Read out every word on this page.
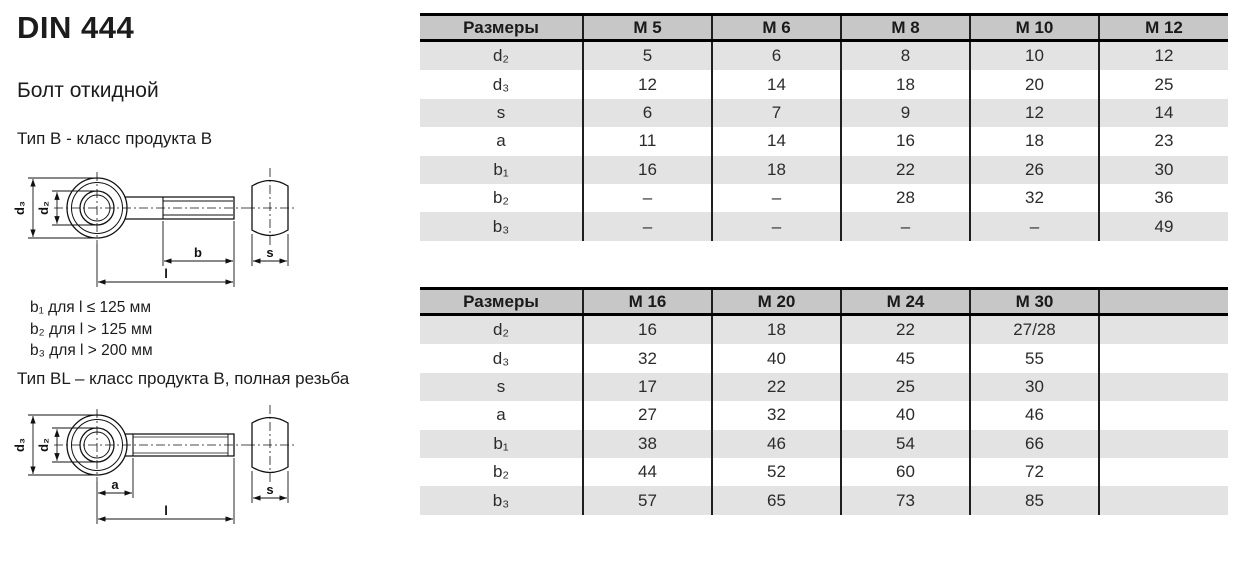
DIN 444
Болт откидной
Тип B - класс продукта B
d₃ d₂
b
l
s
b₁ для l ≤ 125 мм
b₂ для l > 125 мм
b₃ для l > 200 мм
Тип BL – класс продукта B, полная резьба
d₃ d₂
a
l
s
Размеры	M 5	M 6	M 8	M 10	M 12
d₂	5	6	8	10	12
d₃	12	14	18	20	25
s	6	7	9	12	14
a	11	14	16	18	23
b₁	16	18	22	26	30
b₂	–	–	28	32	36
b₃	–	–	–	–	49
Размеры	M 16	M 20	M 24	M 30	
d₂	16	18	22	27/28	
d₃	32	40	45	55	
s	17	22	25	30	
a	27	32	40	46	
b₁	38	46	54	66	
b₂	44	52	60	72	
b₃	57	65	73	85	
